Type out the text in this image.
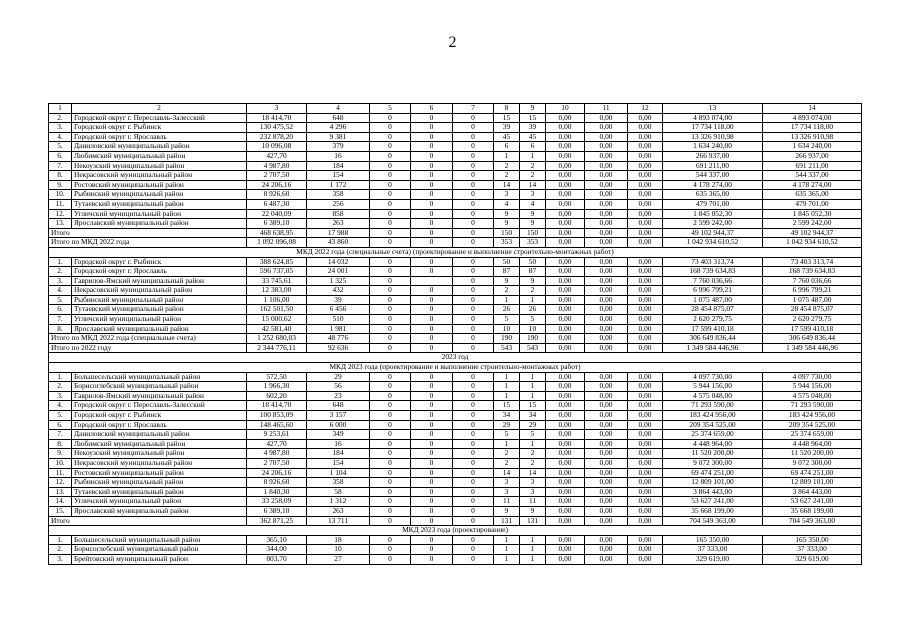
2
1	2	3	4	5	6	7	8	9	10	11	12	13	14
2.	Городской округ г. Переславль-Залесский	18 414,70	648	0	0	0	15	15	0,00	0,00	0,00	4 893 074,00	4 893 074,00
3.	Городской округ г. Рыбинск	130 475,52	4 296	0	0	0	39	39	0,00	0,00	0,00	17 734 118,00	17 734 118,00
4.	Городской округ г. Ярославль	232 878,20	9 381	0	0	0	45	45	0,00	0,00	0,00	13 326 910,98	13 326 910,98
5.	Даниловский муниципальный район	10 096,08	379	0	0	0	6	6	0,00	0,00	0,00	1 634 240,00	1 634 240,00
6.	Любимский муниципальный район	427,70	16	0	0	0	1	1	0,00	0,00	0,00	266 937,00	266 937,00
7.	Некоузский муниципальный район	4 987,80	184	0	0	0	2	2	0,00	0,00	0,00	691 211,00	691 211,00
8.	Некрасовский муниципальный район	2 707,50	154	0	0	0	2	2	0,00	0,00	0,00	544 337,00	544 337,00
9.	Ростовский муниципальный район	24 206,16	1 172	0	0	0	14	14	0,00	0,00	0,00	4 178 274,00	4 178 274,00
10.	Рыбинский муниципальный район	8 926,60	358	0	0	0	3	3	0,00	0,00	0,00	635 365,00	635 365,00
11.	Тутаевский муниципальный район	6 487,30	256	0	0	0	4	4	0,00	0,00	0,00	479 701,00	479 701,00
12.	Угличский муниципальный район	22 040,09	858	0	0	0	9	9	0,00	0,00	0,00	1 845 052,30	1 845 052,30
13.	Ярославский муниципальный район	6 389,10	263	0	0	0	9	9	0,00	0,00	0,00	2 599 242,00	2 599 242,00
Итого		468 638,95	17 988	0	0	0	150	150	0,00	0,00	0,00	49 102 944,37	49 102 944,37
Итого по МКД 2022 года		1 092 096,08	43 860	0	0	0	353	353	0,00	0,00	0,00	1 042 934 610,52	1 042 934 610,52
МКД 2022 года (специальные счета) (проектирование и выполнение строительно-монтажных работ)													
1.	Городской округ г. Рыбинск	388 624,85	14 032	0	0	0	50	50	0,00	0,00	0,00	73 403 313,74	73 403 313,74
2.	Городской округ г. Ярославль	596 737,05	24 001	0	0	0	87	87	0,00	0,00	0,00	168 739 634,83	168 739 634,83
3.	Гаврилов-Ямский муниципальный район	33 745,61	1 325	0		0	9	9	0,00	0,00	0,00	7 760 036,66	7 760 036,66
4.	Некрасовский муниципальный район	12 383,00	432	0	0	0	2	2	0,00	0,00	0,00	6 996 799,21	6 996 799,21
5.	Рыбинский муниципальный район	1 106,00	39	0	0	0	1	1	0,00	0,00	0,00	1 075 487,00	1 075 487,00
6.	Тутаевский муниципальный район	162 501,50	6 456	0	0	0	26	26	0,00	0,00	0,00	28 454 875,07	28 454 875,07
7.	Угличский муниципальный район	15 000,62	510	0	0	0	5	5	0,00	0,00	0,00	2 620 279,75	2 620 279,75
8.	Ярославский муниципальный район	42 581,40	1 981	0	0	0	10	10	0,00	0,00	0,00	17 599 410,18	17 599 410,18
Итого по МКД 2022 года (специальные счета)		1 252 680,03	48 776	0	0	0	190	190	0,00	0,00	0,00	306 649 836,44	306 649 836,44
Итого по 2022 году		2 344 776,11	92 636	0	0	0	543	543	0,00	0,00	0,00	1 349 584 446,96	1 349 584 446,96
2023 год													
МКД 2023 года (проектирование и выполнение строительно-монтажных работ)													
1.	Большесельский муниципальный район	572,50	29	0	0	0	1	1	0,00	0,00	0,00	4 097 730,00	4 097 730,00
2.	Борисоглебский муниципальный район	1 966,30	56	0	0	0	1	1	0,00	0,00	0,00	5 944 156,00	5 944 156,00
3.	Гаврилов-Ямский муниципальный район	602,20	23	0	0	0	1	1	0,00	0,00	0,00	4 575 048,00	4 575 048,00
4.	Городской округ г. Переславль-Залесский	18 414,70	648	0	0	0	15	15	0,00	0,00	0,00	71 293 590,00	71 293 590,00
5.	Городской округ г. Рыбинск	100 853,09	3 157	0	0	0	34	34	0,00	0,00	0,00	183 424 956,00	183 424 956,00
6.	Городской округ г. Ярославль	148 465,60	6 000	0	0	0	29	29	0,00	0,00	0,00	209 354 525,00	209 354 525,00
7.	Даниловский муниципальный район	9 253,61	349	0	0	0	5	5	0,00	0,00	0,00	25 374 659,00	25 374 659,00
8.	Любимский муниципальный район	427,70	16	0	0	0	1	1	0,00	0,00	0,00	4 448 964,00	4 448 964,00
9.	Некоузский муниципальный район	4 987,80	184	0	0	0	2	2	0,00	0,00	0,00	11 520 200,00	11 520 200,00
10.	Некрасовский муниципальный район	2 707,50	154	0	0	0	2	2	0,00	0,00	0,00	9 072 300,00	9 072 300,00
11.	Ростовский муниципальный район	24 206,16	1 104	0	0	0	14	14	0,00	0,00	0,00	69 474 251,00	69 474 251,00
12.	Рыбинский муниципальный район	8 926,60	358	0	0	0	3	3	0,00	0,00	0,00	12 809 101,00	12 809 101,00
13.	Тутаевский муниципальный район	1 840,30	58	0	0	0	3	3	0,00	0,00	0,00	3 864 443,00	3 864 443,00
14.	Угличский муниципальный район	33 258,09	1 312	0	0	0	11	11	0,00	0,00	0,00	53 627 241,00	53 627 241,00
15.	Ярославский муниципальный район	6 389,10	263	0	0	0	9	9	0,00	0,00	0,00	35 668 199,00	35 668 199,00
Итого		362 871,25	13 711	0	0	0	131	131	0,00	0,00	0,00	704 549 363,00	704 549 363,00
МКД 2023 года (проектирование)													
1.	Большесельский муниципальный район	365,10	18	0	0	0	1	1	0,00	0,00	0,00	165 350,00	165 350,00
2.	Борисоглебский муниципальный район	344,00	10	0	0	0	1	1	0,00	0,00	0,00	37 333,00	37 333,00
3.	Брейтовский муниципальный район	803,70	27	0	0	0	1	1	0,00	0,00	0,00	329 619,00	329 619,00
